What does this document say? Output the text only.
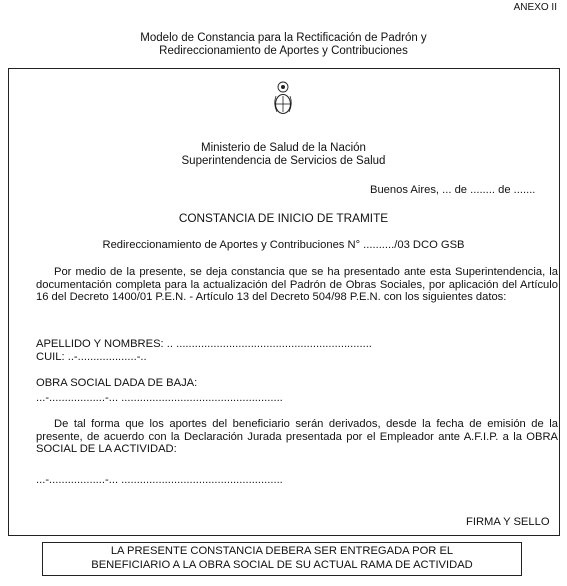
ANEXO II
Modelo de Constancia para la Rectificación de Padrón y
Redireccionamiento de Aportes y Contribuciones
Ministerio de Salud de la Nación
Superintendencia de Servicios de Salud
Buenos Aires, ... de ........ de .......
CONSTANCIA DE INICIO DE TRAMITE
Redireccionamiento de Aportes y Contribuciones N° ........../03 DCO GSB
Por medio de la presente, se deja constancia que se ha presentado ante esta Superintendencia, la documentación completa para la actualización del Padrón de Obras Sociales, por aplicación del Artículo 16 del Decreto 1400/01 P.E.N. - Artículo 13 del Decreto 504/98 P.E.N. con los siguientes datos:
APELLIDO Y NOMBRES: .. ...............................................................
CUIL: ..-...................-..
OBRA SOCIAL DADA DE BAJA:
...-..................-... ....................................................
De tal forma que los aportes del beneficiario serán derivados, desde la fecha de emisión de la presente, de acuerdo con la Declaración Jurada presentada por el Empleador ante A.F.I.P. a la OBRA SOCIAL DE LA ACTIVIDAD:
...-..................-... ....................................................
FIRMA Y SELLO
LA PRESENTE CONSTANCIA DEBERA SER ENTREGADA POR EL
BENEFICIARIO A LA OBRA SOCIAL DE SU ACTUAL RAMA DE ACTIVIDAD
